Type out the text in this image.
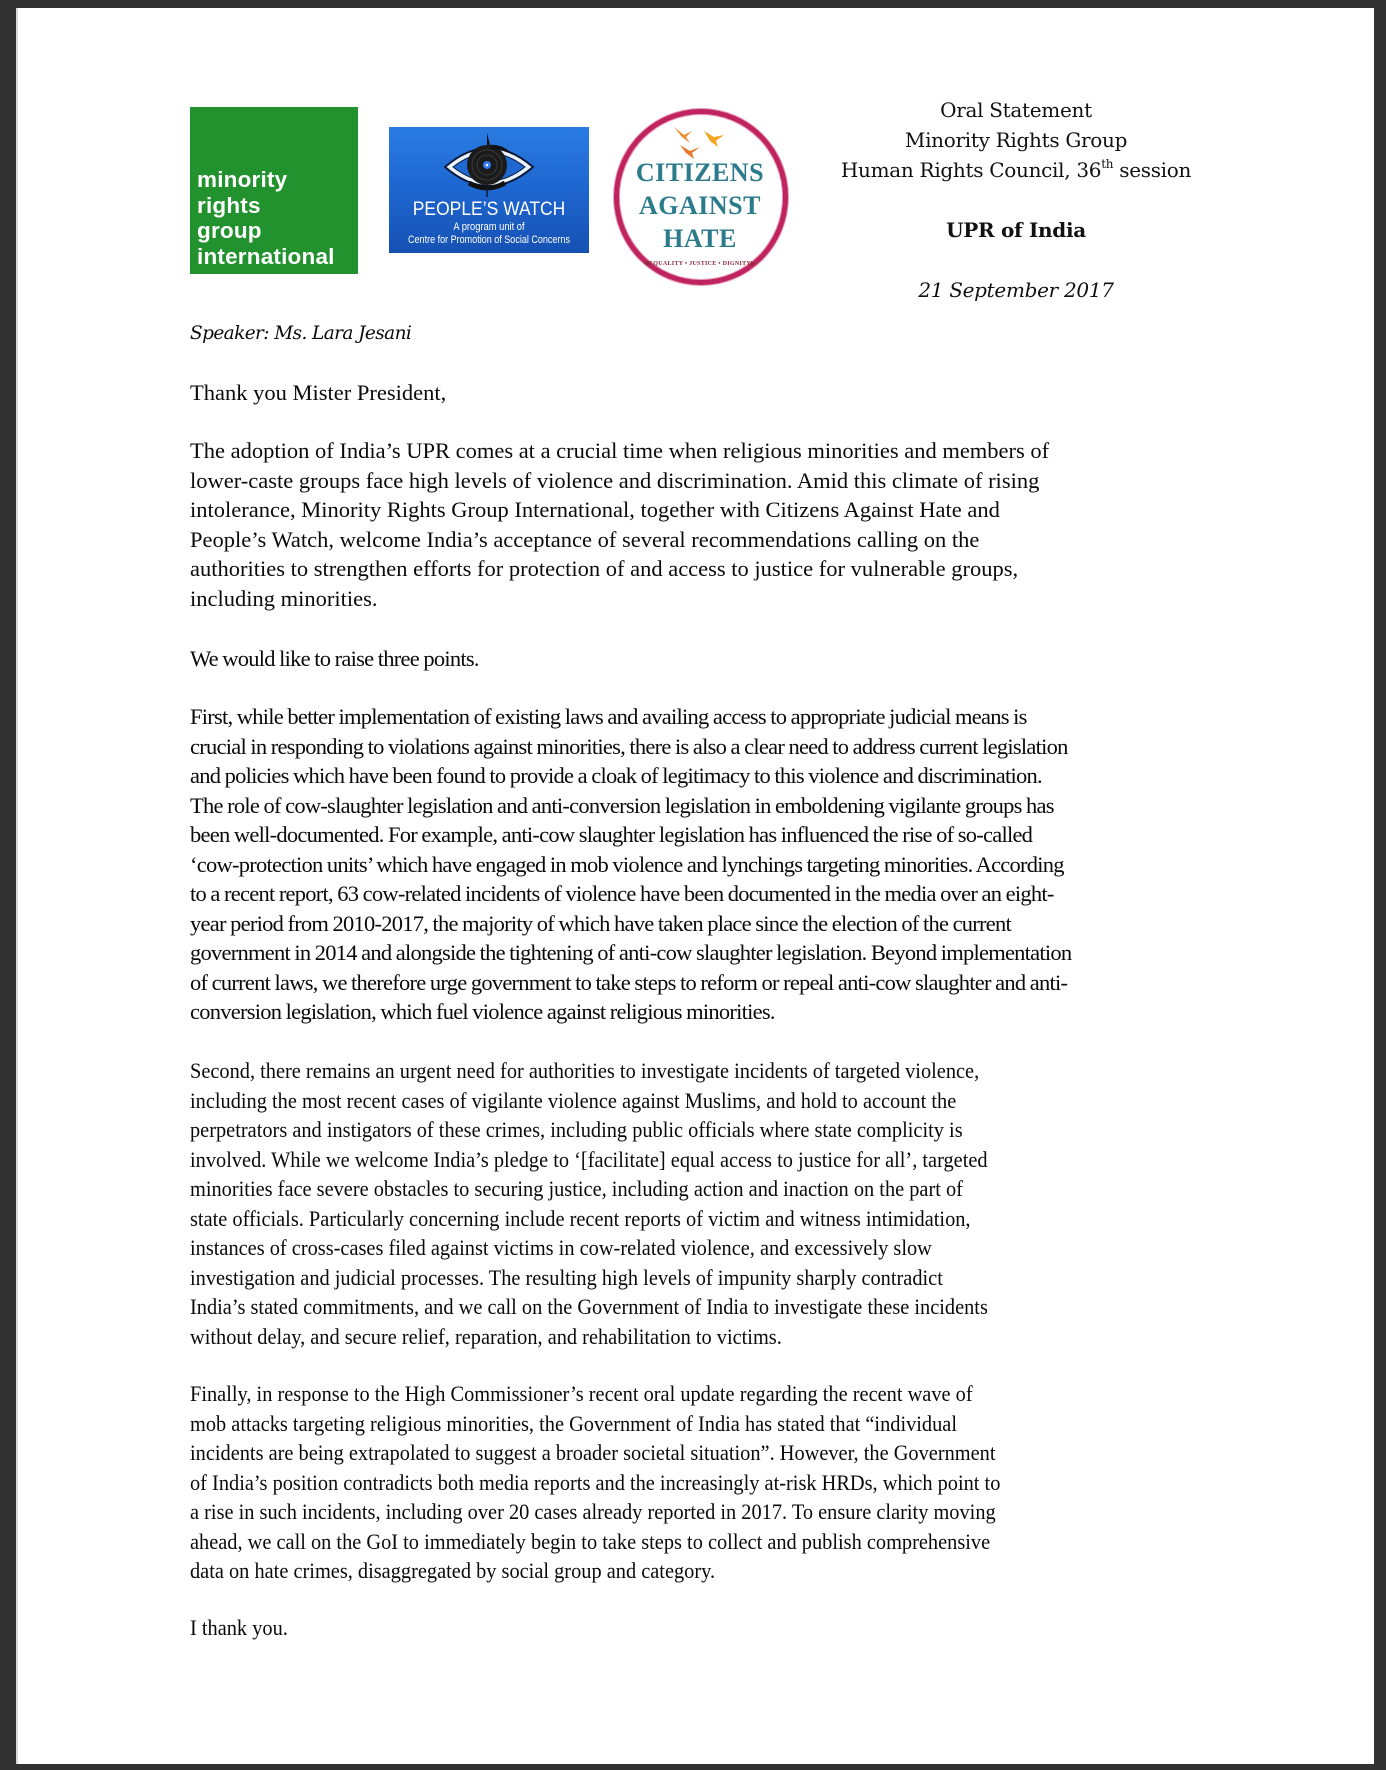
minority
rights
group
international
PEOPLE’S WATCH
A program unit of
Centre for Promotion of Social Concerns
CITIZENS
AGAINST
HATE
◀EQUALITY • JUSTICE • DIGNITY▶
Oral Statement
Minority Rights Group
Human Rights Council, 36th session
UPR of India
21 September 2017
Speaker: Ms. Lara Jesani
Thank you Mister President,
The adoption of India’s UPR comes at a crucial time when religious minorities and members of
lower-caste groups face high levels of violence and discrimination. Amid this climate of rising
intolerance, Minority Rights Group International, together with Citizens Against Hate and
People’s Watch, welcome India’s acceptance of several recommendations calling on the
authorities to strengthen efforts for protection of and access to justice for vulnerable groups,
including minorities.
We would like to raise three points.
First, while better implementation of existing laws and availing access to appropriate judicial means is
crucial in responding to violations against minorities, there is also a clear need to address current legislation
and policies which have been found to provide a cloak of legitimacy to this violence and discrimination.
The role of cow-slaughter legislation and anti-conversion legislation in emboldening vigilante groups has
been well-documented. For example, anti-cow slaughter legislation has influenced the rise of so-called
‘cow-protection units’ which have engaged in mob violence and lynchings targeting minorities. According
to a recent report, 63 cow-related incidents of violence have been documented in the media over an eight-
year period from 2010-2017, the majority of which have taken place since the election of the current
government in 2014 and alongside the tightening of anti-cow slaughter legislation. Beyond implementation
of current laws, we therefore urge government to take steps to reform or repeal anti-cow slaughter and anti-
conversion legislation, which fuel violence against religious minorities.
Second, there remains an urgent need for authorities to investigate incidents of targeted violence,
including the most recent cases of vigilante violence against Muslims, and hold to account the
perpetrators and instigators of these crimes, including public officials where state complicity is
involved. While we welcome India’s pledge to ‘[facilitate] equal access to justice for all’, targeted
minorities face severe obstacles to securing justice, including action and inaction on the part of
state officials. Particularly concerning include recent reports of victim and witness intimidation,
instances of cross-cases filed against victims in cow-related violence, and excessively slow
investigation and judicial processes. The resulting high levels of impunity sharply contradict
India’s stated commitments, and we call on the Government of India to investigate these incidents
without delay, and secure relief, reparation, and rehabilitation to victims.
Finally, in response to the High Commissioner’s recent oral update regarding the recent wave of
mob attacks targeting religious minorities, the Government of India has stated that “individual
incidents are being extrapolated to suggest a broader societal situation”. However, the Government
of India’s position contradicts both media reports and the increasingly at-risk HRDs, which point to
a rise in such incidents, including over 20 cases already reported in 2017. To ensure clarity moving
ahead, we call on the GoI to immediately begin to take steps to collect and publish comprehensive
data on hate crimes, disaggregated by social group and category.
I thank you.
